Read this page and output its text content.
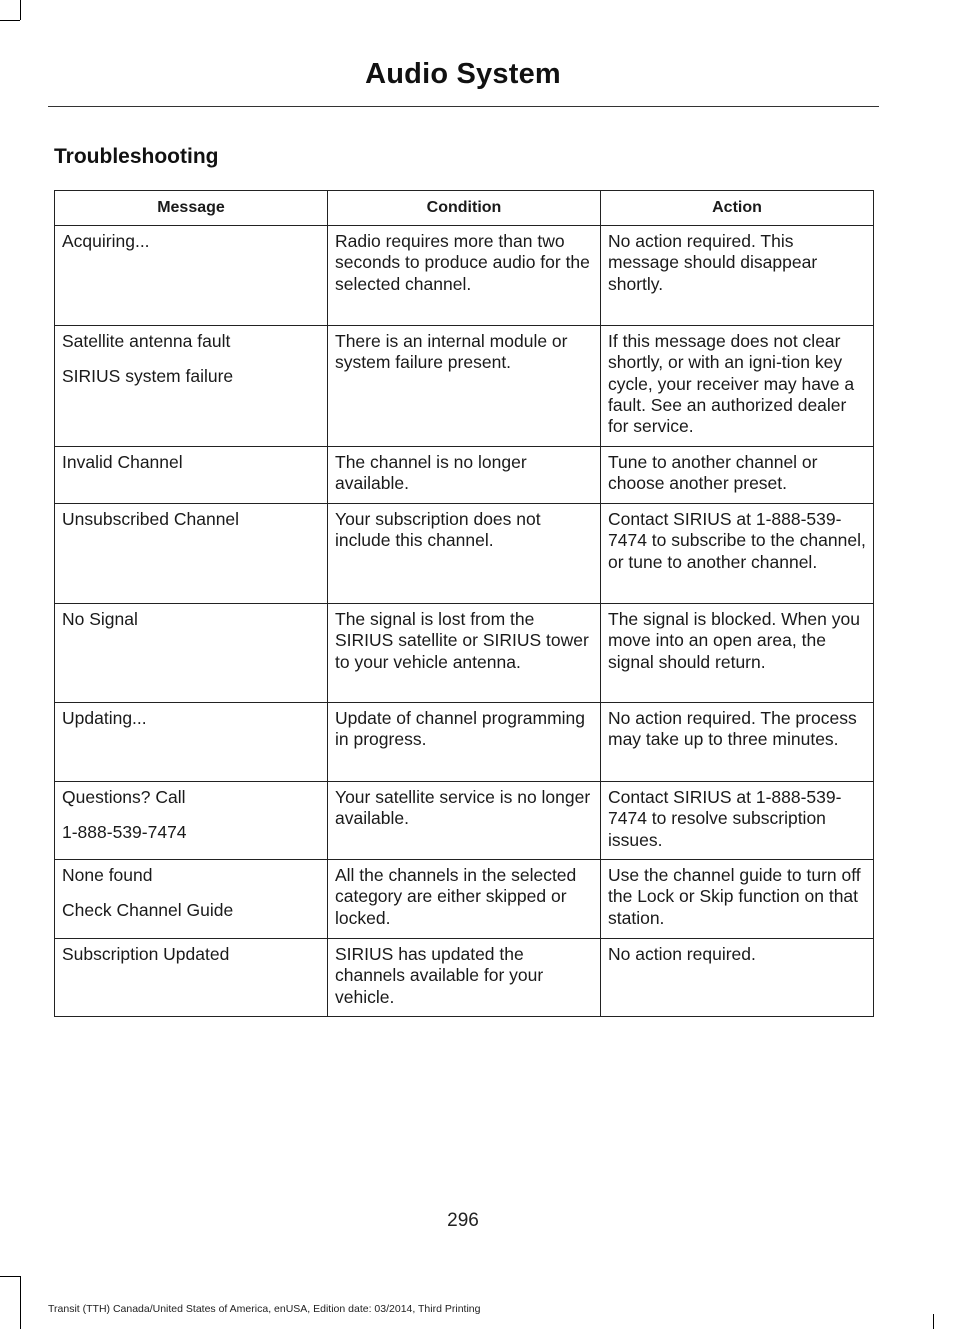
Audio System
Troubleshooting
Message	Condition	Action

Acquiring...	Radio requires more than two seconds to produce audio for the selected channel.	No action required. This message should disappear shortly.

Satellite antenna fault
SIRIUS system failure	There is an internal module or system failure present.	If this message does not clear shortly, or with an igni-tion key cycle, your receiver may have a fault. See an authorized dealer for service.

Invalid Channel	The channel is no longer available.	Tune to another channel or choose another preset.

Unsubscribed Channel	Your subscription does not include this channel.	Contact SIRIUS at 1-888-539-7474 to subscribe to the channel, or tune to another channel.

No Signal	The signal is lost from the SIRIUS satellite or SIRIUS tower to your vehicle antenna.	The signal is blocked. When you move into an open area, the signal should return.

Updating...	Update of channel programming in progress.	No action required. The process may take up to three minutes.

Questions? Call
1-888-539-7474	Your satellite service is no longer available.	Contact SIRIUS at 1-888-539-7474 to resolve subscription issues.

None found
Check Channel Guide	All the channels in the selected category are either skipped or locked.	Use the channel guide to turn off the Lock or Skip function on that station.

Subscription Updated	SIRIUS has updated the channels available for your vehicle.	No action required.
296
Transit (TTH) Canada/United States of America, enUSA, Edition date: 03/2014, Third Printing
